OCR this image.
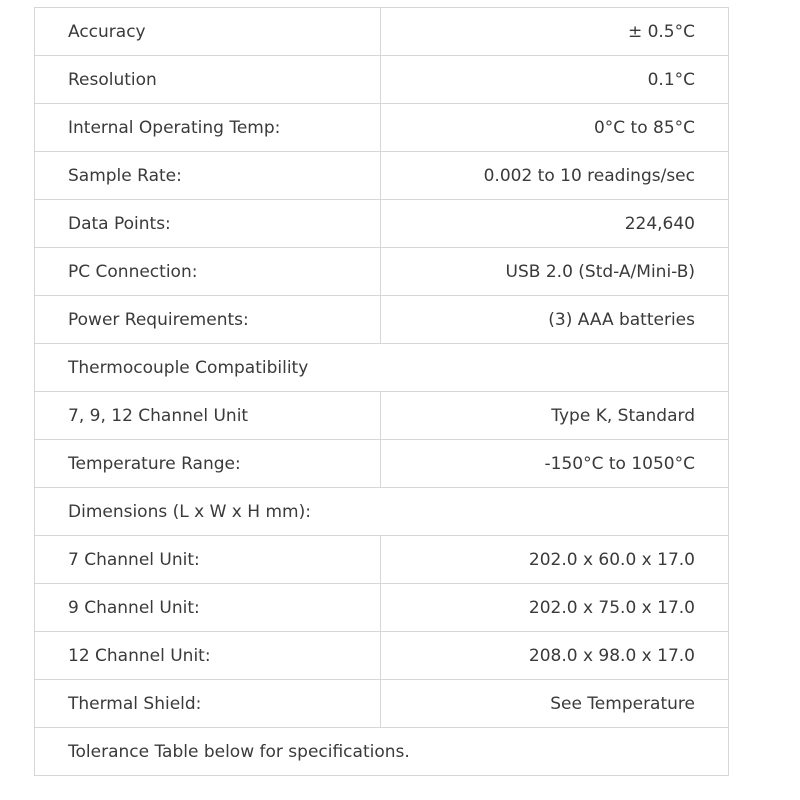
Accuracy	± 0.5°C
Resolution	0.1°C
Internal Operating Temp:	0°C to 85°C
Sample Rate:	0.002 to 10 readings/sec
Data Points:	224,640
PC Connection:	USB 2.0 (Std-A/Mini-B)
Power Requirements:	(3) AAA batteries
Thermocouple Compatibility	
7, 9, 12 Channel Unit	Type K, Standard
Temperature Range:	-150°C to 1050°C
Dimensions (L x W x H mm):	
7 Channel Unit:	202.0 x 60.0 x 17.0
9 Channel Unit:	202.0 x 75.0 x 17.0
12 Channel Unit:	208.0 x 98.0 x 17.0
Thermal Shield:	See Temperature
Tolerance Table below for specifications.	
